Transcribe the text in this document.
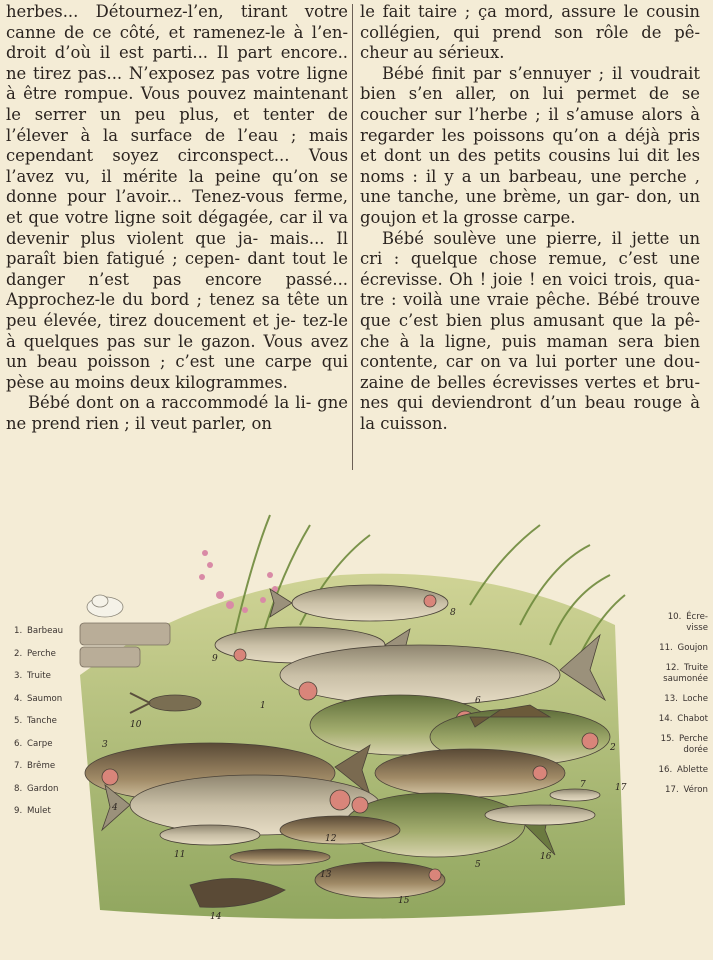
herbes... Détournez-l’en, tirant votre canne de ce côté, et ramenez-le à l’en- droit d’où il est parti... Il part encore.. ne tirez pas... N’exposez pas votre ligne à être rompue. Vous pouvez maintenant le serrer un peu plus, et tenter de l’élever à la surface de l’eau ; mais cependant soyez circonspect... Vous l’avez vu, il mérite la peine qu’on se donne pour l’avoir... Tenez-vous ferme, et que votre ligne soit dégagée, car il va devenir plus violent que ja- mais... Il paraît bien fatigué ; cepen- dant tout le danger n’est pas encore passé... Approchez-le du bord ; tenez sa tête un peu élevée, tirez doucement et je- tez-le à quelques pas sur le gazon. Vous avez un beau poisson ; c’est une carpe qui pèse au moins deux kilogrammes.

Bébé dont on a raccommodé la li- gne ne prend rien ; il veut parler, on

le fait taire ; ça mord, assure le cousin collégien, qui prend son rôle de pê- cheur au sérieux.

Bébé finit par s’ennuyer ; il voudrait bien s’en aller, on lui permet de se coucher sur l’herbe ; il s’amuse alors à regarder les poissons qu’on a déjà pris et dont un des petits cousins lui dit les noms : il y a un barbeau, une perche , une tanche, une brème, un gar- don, un goujon et la grosse carpe.

Bébé soulève une pierre, il jette un cri : quelque chose remue, c’est une écrevisse. Oh ! joie ! en voici trois, qua- tre : voilà une vraie pêche. Bébé trouve que c’est bien plus amusant que la pê- che à la ligne, puis maman sera bien contente, car on va lui porter une dou- zaine de belles écrevisses vertes et bru- nes qui deviendront d’un beau rouge à la cuisson.

1
2
3
4
5
6
7
8
9
10
11
12
13
14
15
16
17
1. Barbeau
2. Perche
3. Truite
4. Saumon
5. Tanche
6. Carpe
7. Brême
8. Gardon
9. Mulet
10. Écre-
visse
11. Goujon
12. Truite
saumonée
13. Loche
14. Chabot
15. Perche
dorée
16. Ablette
17. Véron
